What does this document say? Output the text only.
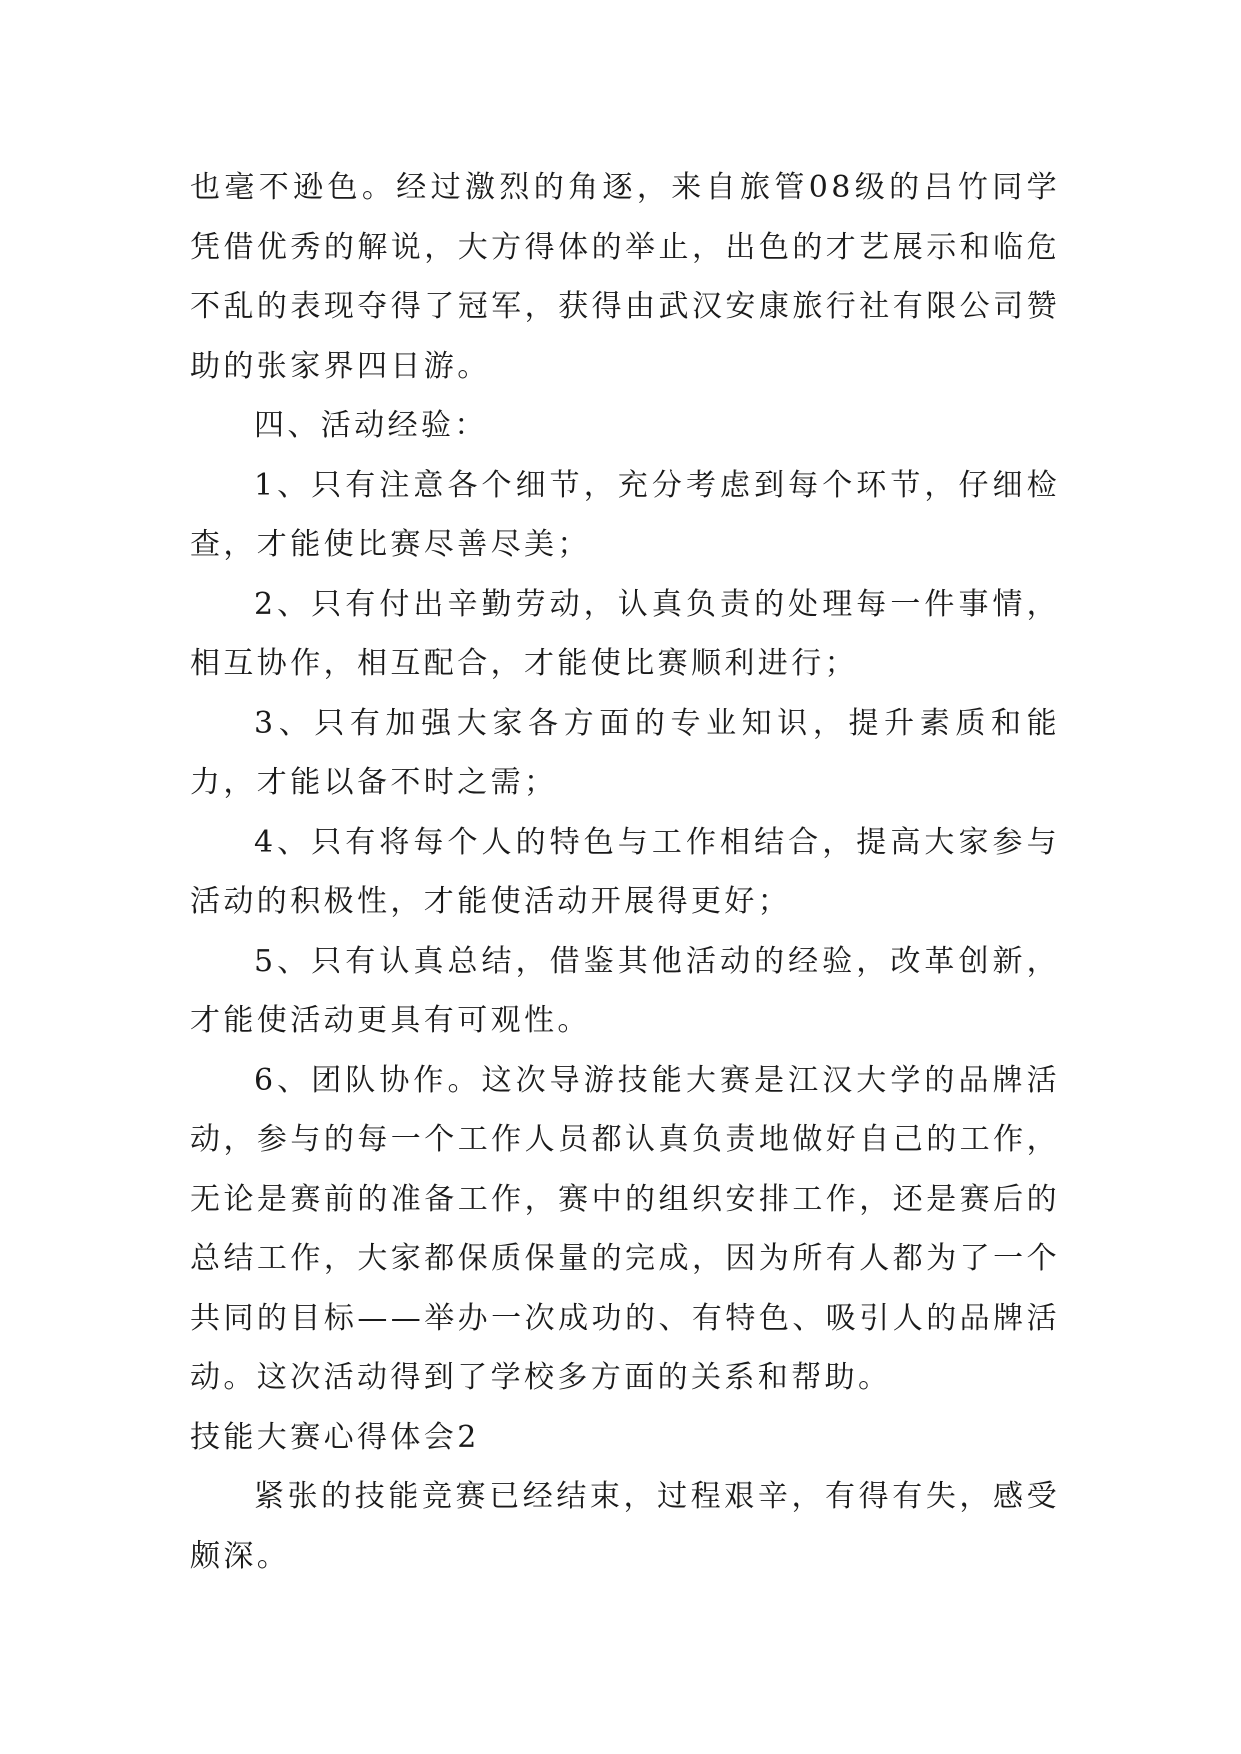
也毫不逊色。经过激烈的角逐，来自旅管08级的吕竹同学凭借优秀的解说，大方得体的举止，出色的才艺展示和临危不乱的表现夺得了冠军，获得由武汉安康旅行社有限公司赞助的张家界四日游。

四、活动经验：

1、只有注意各个细节，充分考虑到每个环节，仔细检查，才能使比赛尽善尽美；

2、只有付出辛勤劳动，认真负责的处理每一件事情，相互协作，相互配合，才能使比赛顺利进行；

3、只有加强大家各方面的专业知识，提升素质和能力，才能以备不时之需；

4、只有将每个人的特色与工作相结合，提高大家参与活动的积极性，才能使活动开展得更好；

5、只有认真总结，借鉴其他活动的经验，改革创新，才能使活动更具有可观性。

6、团队协作。这次导游技能大赛是江汉大学的品牌活动，参与的每一个工作人员都认真负责地做好自己的工作，无论是赛前的准备工作，赛中的组织安排工作，还是赛后的总结工作，大家都保质保量的完成，因为所有人都为了一个共同的目标——举办一次成功的、有特色、吸引人的品牌活动。这次活动得到了学校多方面的关系和帮助。

技能大赛心得体会2

紧张的技能竞赛已经结束，过程艰辛，有得有失，感受颇深。
